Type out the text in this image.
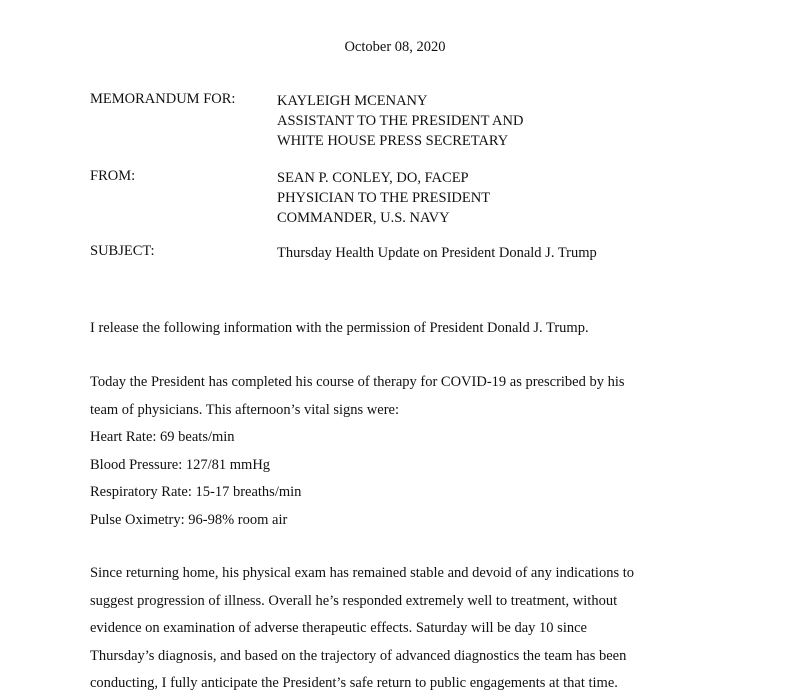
October 08, 2020
MEMORANDUM FOR:	KAYLEIGH MCENANY
ASSISTANT TO THE PRESIDENT AND
WHITE HOUSE PRESS SECRETARY
FROM:	SEAN P. CONLEY, DO, FACEP
PHYSICIAN TO THE PRESIDENT
COMMANDER, U.S. NAVY
SUBJECT:	Thursday Health Update on President Donald J. Trump
I release the following information with the permission of President Donald J. Trump.
Today the President has completed his course of therapy for COVID-19 as prescribed by his
team of physicians. This afternoon’s vital signs were:
Heart Rate: 69 beats/min
Blood Pressure: 127/81 mmHg
Respiratory Rate: 15-17 breaths/min
Pulse Oximetry: 96-98% room air
Since returning home, his physical exam has remained stable and devoid of any indications to
suggest progression of illness. Overall he’s responded extremely well to treatment, without
evidence on examination of adverse therapeutic effects. Saturday will be day 10 since
Thursday’s diagnosis, and based on the trajectory of advanced diagnostics the team has been
conducting, I fully anticipate the President’s safe return to public engagements at that time.
